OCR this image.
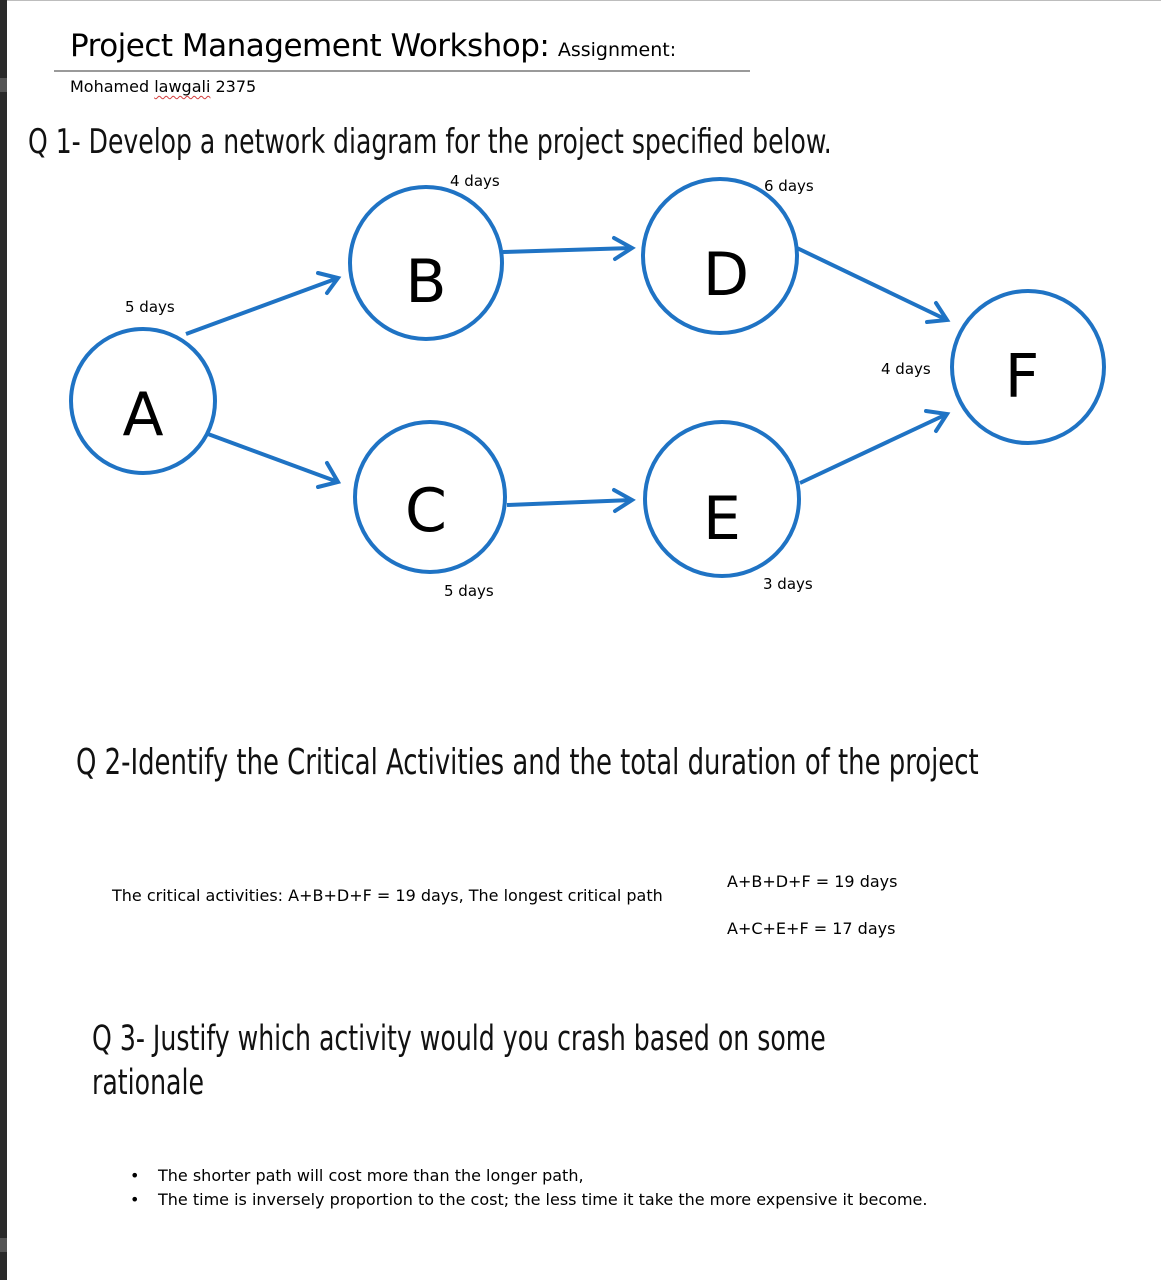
Project Management Workshop: Assignment:
Mohamed lawgali 2375
Q 1- Develop a network diagram for the project specified below.
A
B
C
D
E
F
5 days
4 days
5 days
6 days
3 days
4 days
Q 2-Identify the Critical Activities and the total duration of the project
The critical activities: A+B+D+F = 19 days, The longest critical path
A+B+D+F = 19 days
A+C+E+F = 17 days
Q 3- Justify which activity would you crash based on some rationale
• The shorter path will cost more than the longer path,
• The time is inversely proportion to the cost; the less time it take the more expensive it become.
